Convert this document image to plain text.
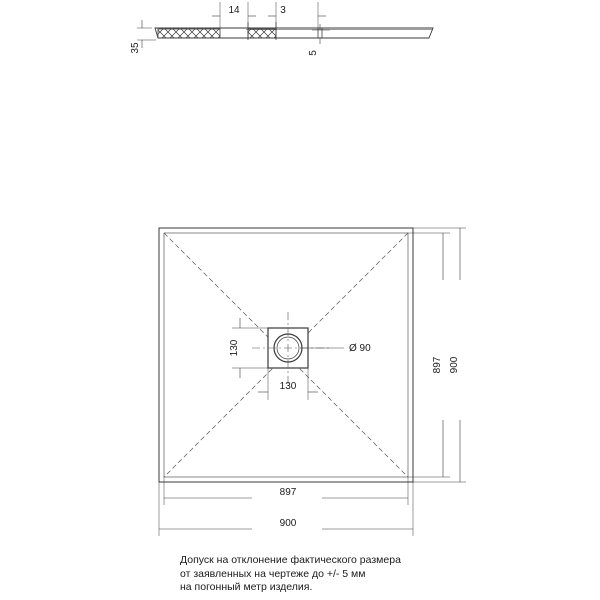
14	3
35	5
Ø 90
130
130
897 900
897
900
Допуск на отклонение фактического размера
от заявленных на чертеже до +/- 5 мм
на погонный метр изделия.
